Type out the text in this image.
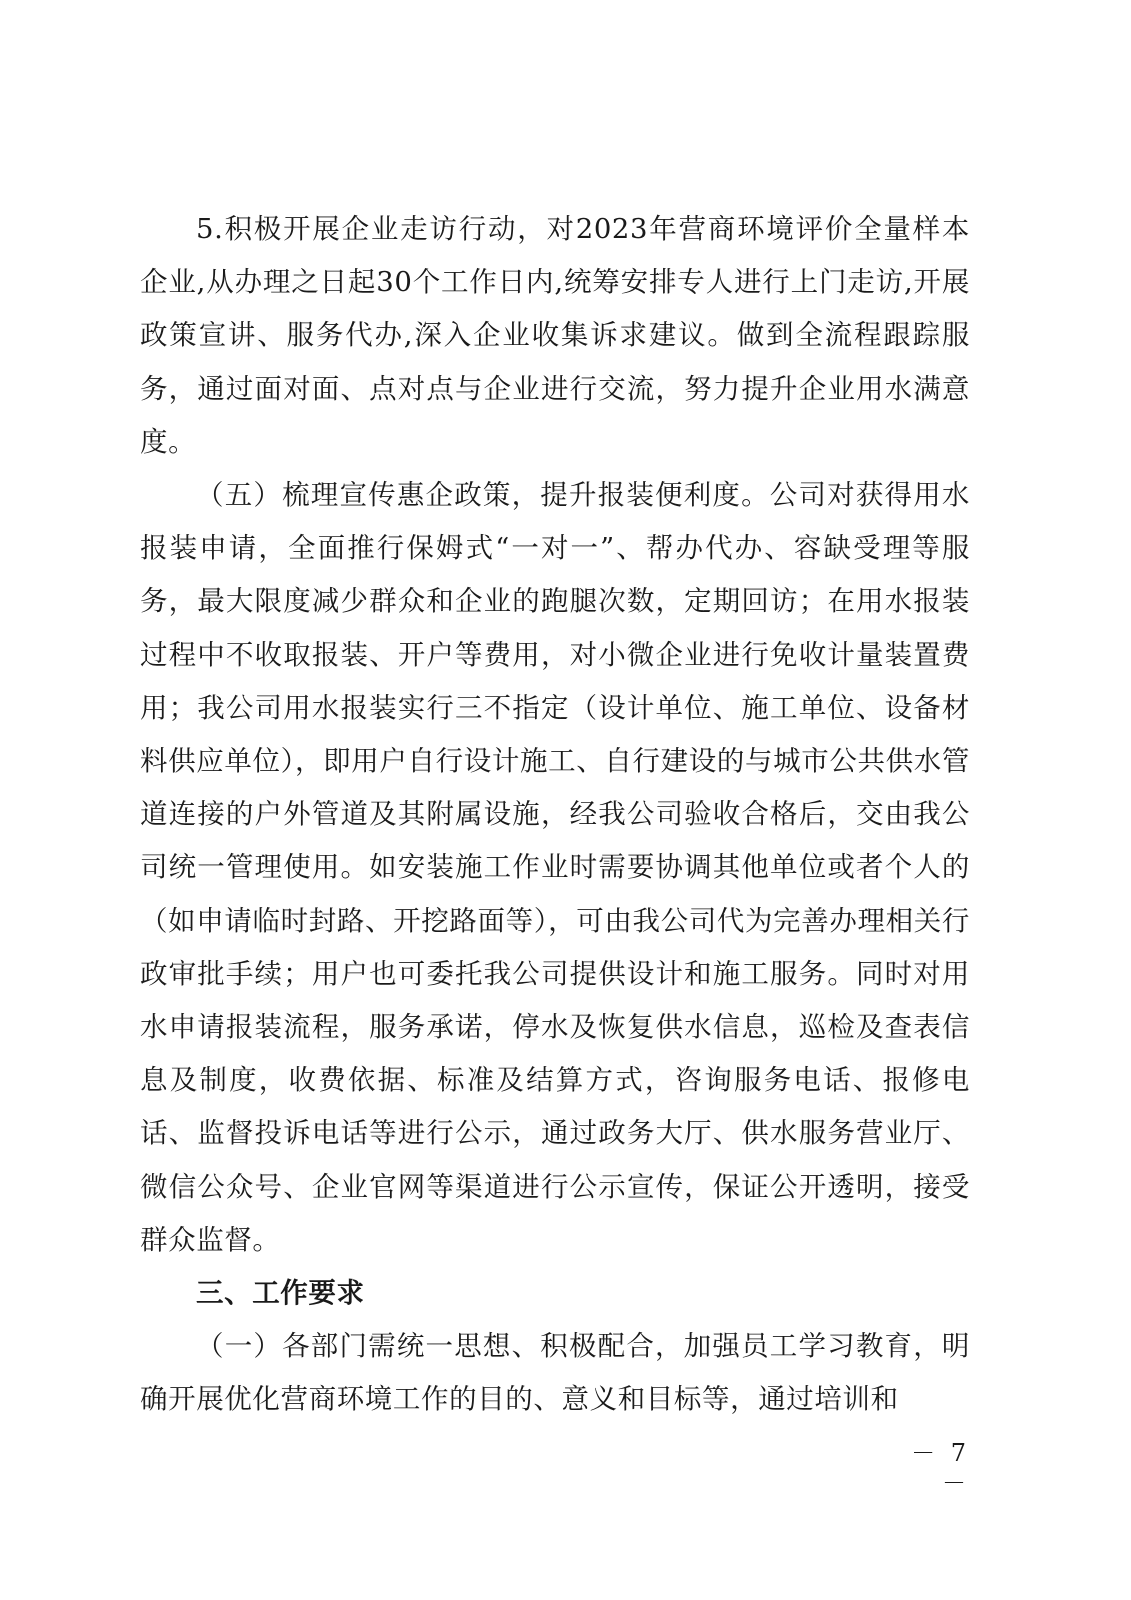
5.积极开展企业走访行动，对2023年营商环境评价全量样本企业,从办理之日起30个工作日内,统筹安排专人进行上门走访,开展政策宣讲、服务代办,深入企业收集诉求建议。做到全流程跟踪服务，通过面对面、点对点与企业进行交流，努力提升企业用水满意度。

（五）梳理宣传惠企政策，提升报装便利度。公司对获得用水报装申请，全面推行保姆式“一对一”、帮办代办、容缺受理等服务，最大限度减少群众和企业的跑腿次数，定期回访；在用水报装过程中不收取报装、开户等费用，对小微企业进行免收计量装置费用；我公司用水报装实行三不指定（设计单位、施工单位、设备材料供应单位），即用户自行设计施工、自行建设的与城市公共供水管道连接的户外管道及其附属设施，经我公司验收合格后，交由我公司统一管理使用。如安装施工作业时需要协调其他单位或者个人的（如申请临时封路、开挖路面等），可由我公司代为完善办理相关行政审批手续；用户也可委托我公司提供设计和施工服务。同时对用水申请报装流程，服务承诺，停水及恢复供水信息，巡检及查表信息及制度，收费依据、标准及结算方式，咨询服务电话、报修电话、监督投诉电话等进行公示，通过政务大厅、供水服务营业厅、微信公众号、企业官网等渠道进行公示宣传，保证公开透明，接受群众监督。

三、工作要求

（一）各部门需统一思想、积极配合，加强员工学习教育，明确开展优化营商环境工作的目的、意义和目标等，通过培训和

－ 7 －
